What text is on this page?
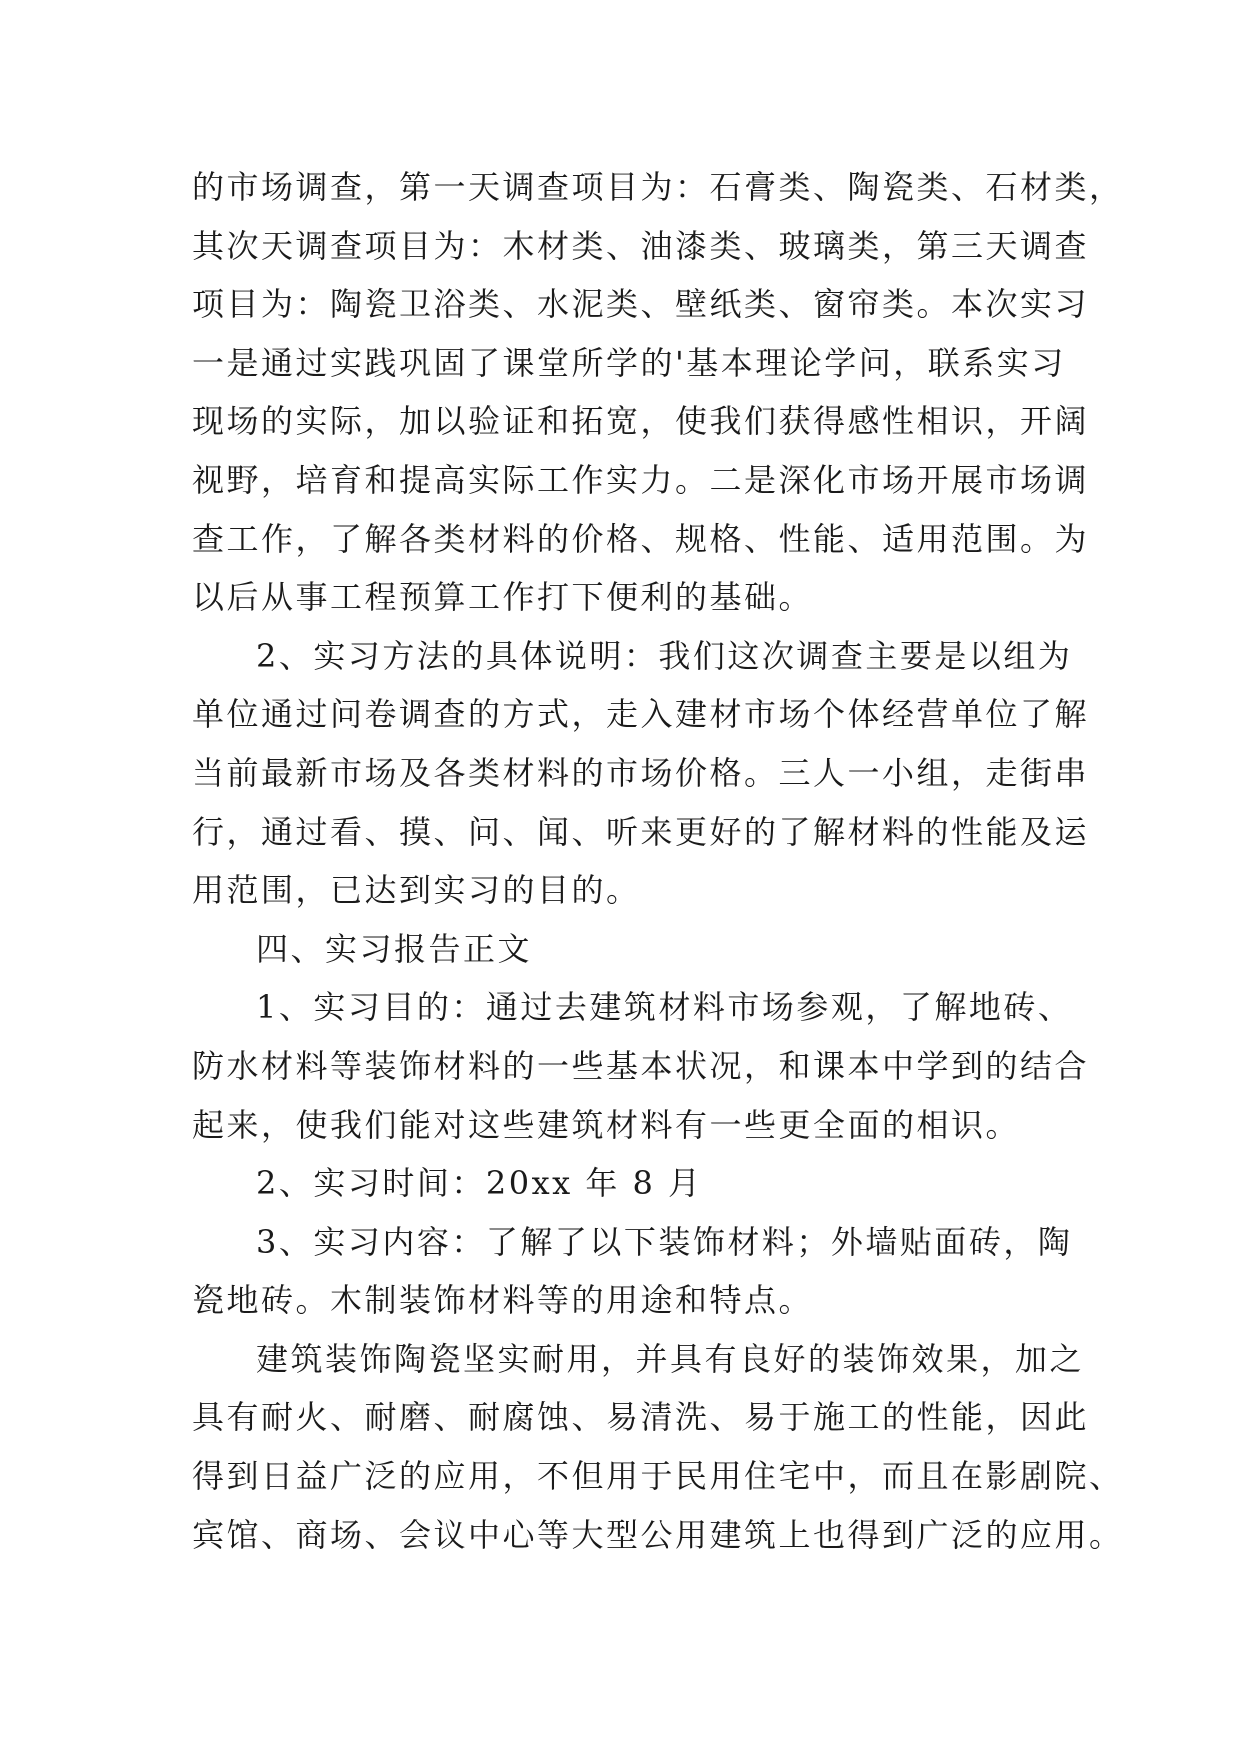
的市场调查，第一天调查项目为：石膏类、陶瓷类、石材类，
其次天调查项目为：木材类、油漆类、玻璃类，第三天调查
项目为：陶瓷卫浴类、水泥类、壁纸类、窗帘类。本次实习
一是通过实践巩固了课堂所学的'基本理论学问，联系实习
现场的实际，加以验证和拓宽，使我们获得感性相识，开阔
视野，培育和提高实际工作实力。二是深化市场开展市场调
查工作，了解各类材料的价格、规格、性能、适用范围。为
以后从事工程预算工作打下便利的基础。
2、实习方法的具体说明：我们这次调查主要是以组为
单位通过问卷调查的方式，走入建材市场个体经营单位了解
当前最新市场及各类材料的市场价格。三人一小组，走街串
行，通过看、摸、问、闻、听来更好的了解材料的性能及运
用范围，已达到实习的目的。
四、实习报告正文
1、实习目的：通过去建筑材料市场参观，了解地砖、
防水材料等装饰材料的一些基本状况，和课本中学到的结合
起来，使我们能对这些建筑材料有一些更全面的相识。
2、实习时间：20xx 年 8 月
3、实习内容：了解了以下装饰材料；外墙贴面砖，陶
瓷地砖。木制装饰材料等的用途和特点。
建筑装饰陶瓷坚实耐用，并具有良好的装饰效果，加之
具有耐火、耐磨、耐腐蚀、易清洗、易于施工的性能，因此
得到日益广泛的应用，不但用于民用住宅中，而且在影剧院、
宾馆、商场、会议中心等大型公用建筑上也得到广泛的应用。
